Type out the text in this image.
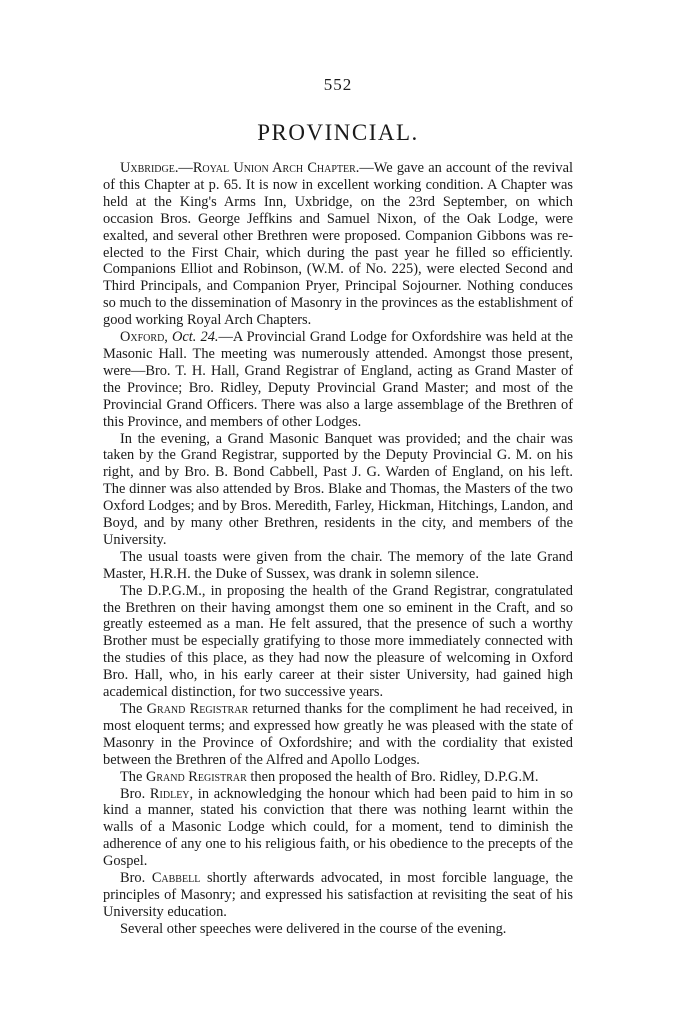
552
PROVINCIAL.

Uxbridge.—Royal Union Arch Chapter.—We gave an account of the revival of this Chapter at p. 65. It is now in excellent working condition. A Chapter was held at the King's Arms Inn, Uxbridge, on the 23rd September, on which occasion Bros. George Jeffkins and Samuel Nixon, of the Oak Lodge, were exalted, and several other Brethren were proposed. Companion Gibbons was re-elected to the First Chair, which during the past year he filled so efficiently. Companions Elliot and Robinson, (W.M. of No. 225), were elected Second and Third Principals, and Companion Pryer, Principal Sojourner. Nothing conduces so much to the dissemination of Masonry in the provinces as the establishment of good working Royal Arch Chapters.

Oxford, Oct. 24.—A Provincial Grand Lodge for Oxfordshire was held at the Masonic Hall. The meeting was numerously attended. Amongst those present, were—Bro. T. H. Hall, Grand Registrar of England, acting as Grand Master of the Province; Bro. Ridley, Deputy Provincial Grand Master; and most of the Provincial Grand Officers. There was also a large assemblage of the Brethren of this Province, and members of other Lodges.

In the evening, a Grand Masonic Banquet was provided; and the chair was taken by the Grand Registrar, supported by the Deputy Provincial G. M. on his right, and by Bro. B. Bond Cabbell, Past J. G. Warden of England, on his left. The dinner was also attended by Bros. Blake and Thomas, the Masters of the two Oxford Lodges; and by Bros. Meredith, Farley, Hickman, Hitchings, Landon, and Boyd, and by many other Brethren, residents in the city, and members of the University.

The usual toasts were given from the chair. The memory of the late Grand Master, H.R.H. the Duke of Sussex, was drank in solemn silence.

The D.P.G.M., in proposing the health of the Grand Registrar, congratulated the Brethren on their having amongst them one so eminent in the Craft, and so greatly esteemed as a man. He felt assured, that the presence of such a worthy Brother must be especially gratifying to those more immediately connected with the studies of this place, as they had now the pleasure of welcoming in Oxford Bro. Hall, who, in his early career at their sister University, had gained high academical distinction, for two successive years.

The Grand Registrar returned thanks for the compliment he had received, in most eloquent terms; and expressed how greatly he was pleased with the state of Masonry in the Province of Oxfordshire; and with the cordiality that existed between the Brethren of the Alfred and Apollo Lodges.

The Grand Registrar then proposed the health of Bro. Ridley, D.P.G.M.

Bro. Ridley, in acknowledging the honour which had been paid to him in so kind a manner, stated his conviction that there was nothing learnt within the walls of a Masonic Lodge which could, for a moment, tend to diminish the adherence of any one to his religious faith, or his obedience to the precepts of the Gospel.

Bro. Cabbell shortly afterwards advocated, in most forcible language, the principles of Masonry; and expressed his satisfaction at revisiting the seat of his University education.

Several other speeches were delivered in the course of the evening.
